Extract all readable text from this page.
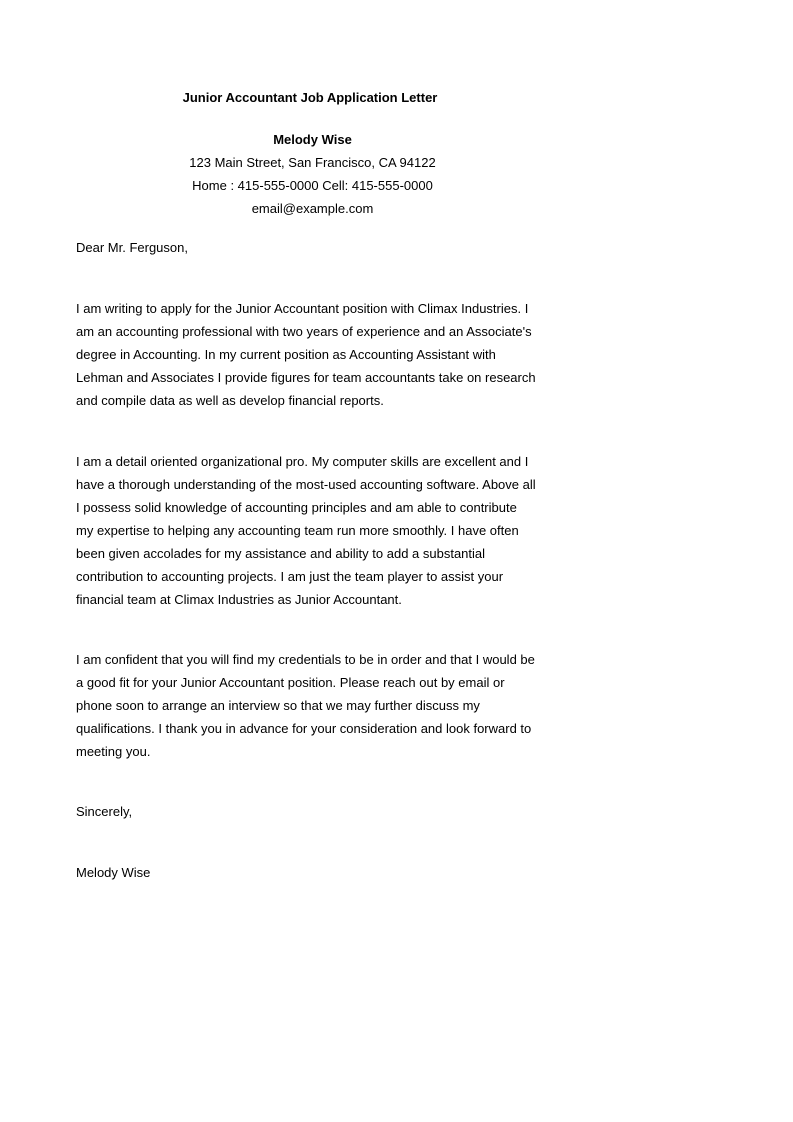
Junior Accountant Job Application Letter
Melody Wise
123 Main Street, San Francisco, CA 94122
Home : 415-555-0000 Cell: 415-555-0000
email@example.com
Dear Mr. Ferguson,

I am writing to apply for the Junior Accountant position with Climax Industries. I
am an accounting professional with two years of experience and an Associate's
degree in Accounting. In my current position as Accounting Assistant with
Lehman and Associates I provide figures for team accountants take on research
and compile data as well as develop financial reports.

I am a detail oriented organizational pro. My computer skills are excellent and I
have a thorough understanding of the most-used accounting software. Above all
I possess solid knowledge of accounting principles and am able to contribute
my expertise to helping any accounting team run more smoothly. I have often
been given accolades for my assistance and ability to add a substantial
contribution to accounting projects. I am just the team player to assist your
financial team at Climax Industries as Junior Accountant.

I am confident that you will find my credentials to be in order and that I would be
a good fit for your Junior Accountant position. Please reach out by email or
phone soon to arrange an interview so that we may further discuss my
qualifications. I thank you in advance for your consideration and look forward to
meeting you.

Sincerely,
Melody Wise
